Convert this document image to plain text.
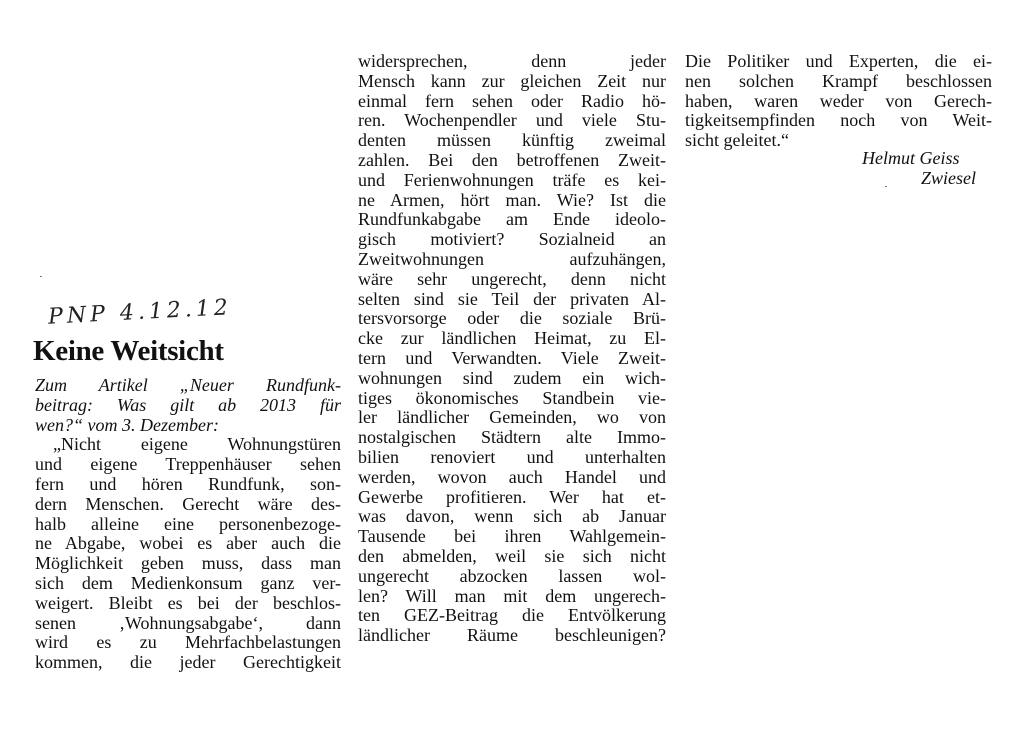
PNP 4.12.12
Keine Weitsicht
Zum Artikel „Neuer Rundfunk-
beitrag: Was gilt ab 2013 für
wen?“ vom 3. Dezember:
„Nicht eigene Wohnungstüren
und eigene Treppenhäuser sehen
fern und hören Rundfunk, son-
dern Menschen. Gerecht wäre des-
halb alleine eine personenbezoge-
ne Abgabe, wobei es aber auch die
Möglichkeit geben muss, dass man
sich dem Medienkonsum ganz ver-
weigert. Bleibt es bei der beschlos-
senen ‚Wohnungsabgabe‘, dann
wird es zu Mehrfachbelastungen
kommen, die jeder Gerechtigkeit
widersprechen, denn jeder
Mensch kann zur gleichen Zeit nur
einmal fern sehen oder Radio hö-
ren. Wochenpendler und viele Stu-
denten müssen künftig zweimal
zahlen. Bei den betroffenen Zweit-
und Ferienwohnungen träfe es kei-
ne Armen, hört man. Wie? Ist die
Rundfunkabgabe am Ende ideolo-
gisch motiviert? Sozialneid an
Zweitwohnungen aufzuhängen,
wäre sehr ungerecht, denn nicht
selten sind sie Teil der privaten Al-
tersvorsorge oder die soziale Brü-
cke zur ländlichen Heimat, zu El-
tern und Verwandten. Viele Zweit-
wohnungen sind zudem ein wich-
tiges ökonomisches Standbein vie-
ler ländlicher Gemeinden, wo von
nostalgischen Städtern alte Immo-
bilien renoviert und unterhalten
werden, wovon auch Handel und
Gewerbe profitieren. Wer hat et-
was davon, wenn sich ab Januar
Tausende bei ihren Wahlgemein-
den abmelden, weil sie sich nicht
ungerecht abzocken lassen wol-
len? Will man mit dem ungerech-
ten GEZ-Beitrag die Entvölkerung
ländlicher Räume beschleunigen?
Die Politiker und Experten, die ei-
nen solchen Krampf beschlossen
haben, waren weder von Gerech-
tigkeitsempfinden noch von Weit-
sicht geleitet.“
Helmut Geiss
Zwiesel
